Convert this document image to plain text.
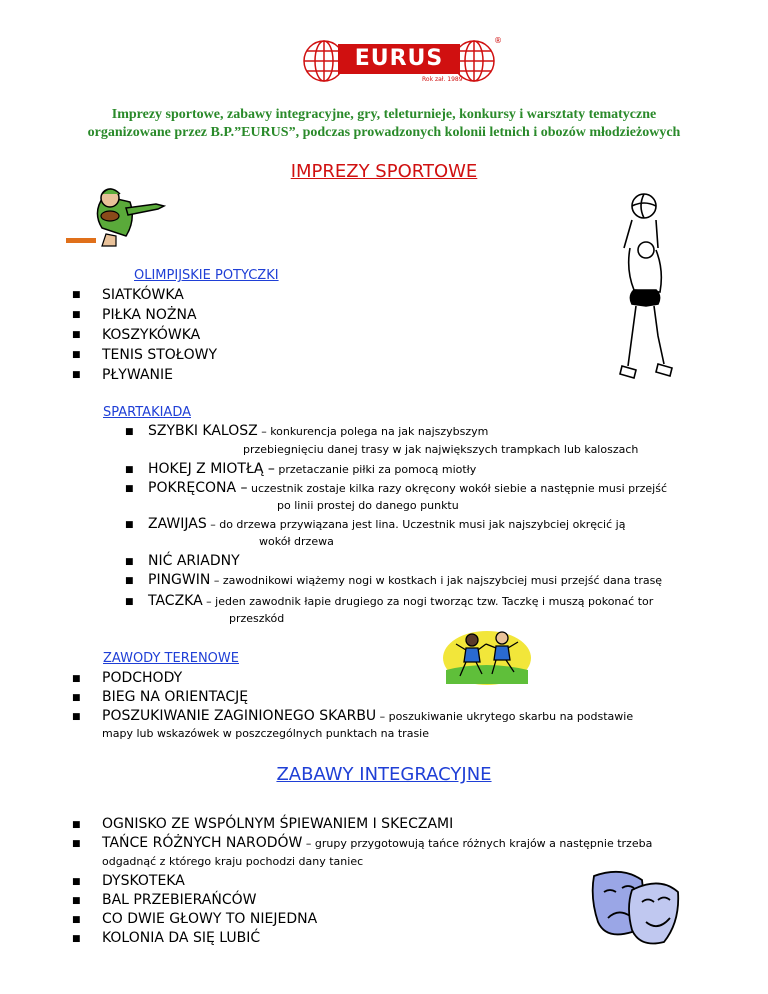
EURUS
Rok zał. 1989
®
Imprezy sportowe, zabawy integracyjne, gry, teleturnieje, konkursy i warsztaty tematyczne
organizowane przez B.P.”EURUS”, podczas prowadzonych kolonii letnich i obozów młodzieżowych
IMPREZY SPORTOWE
OLIMPIJSKIE POTYCZKI
■ SIATKÓWKA
■ PIŁKA NOŻNA
■ KOSZYKÓWKA
■ TENIS STOŁOWY
■ PŁYWANIE
SPARTAKIADA
■ SZYBKI KALOSZ – konkurencja polega na jak najszybszym
przebiegnięciu danej trasy w jak największych trampkach lub kaloszach
■ HOKEJ Z MIOTŁĄ – przetaczanie piłki za pomocą miotły
■ POKRĘCONA – uczestnik zostaje kilka razy okręcony wokół siebie a następnie musi przejść
po linii prostej do danego punktu
■ ZAWIJAS – do drzewa przywiązana jest lina. Uczestnik musi jak najszybciej okręcić ją
wokół drzewa
■ NIĆ ARIADNY
■ PINGWIN – zawodnikowi wiążemy nogi w kostkach i jak najszybciej musi przejść dana trasę
■ TACZKA – jeden zawodnik łapie drugiego za nogi tworząc tzw. Taczkę i muszą pokonać tor
przeszkód
ZAWODY TERENOWE
■ PODCHODY
■ BIEG NA ORIENTACJĘ
■ POSZUKIWANIE ZAGINIONEGO SKARBU – poszukiwanie ukrytego skarbu na podstawie
mapy lub wskazówek w poszczególnych punktach na trasie
ZABAWY INTEGRACYJNE
■ OGNISKO ZE WSPÓLNYM ŚPIEWANIEM I SKECZAMI
■ TAŃCE RÓŻNYCH NARODÓW – grupy przygotowują tańce różnych krajów a następnie trzeba
odgadnąć z którego kraju pochodzi dany taniec
■ DYSKOTEKA
■ BAL PRZEBIERAŃCÓW
■ CO DWIE GŁOWY TO NIEJEDNA
■ KOLONIA DA SIĘ LUBIĆ
